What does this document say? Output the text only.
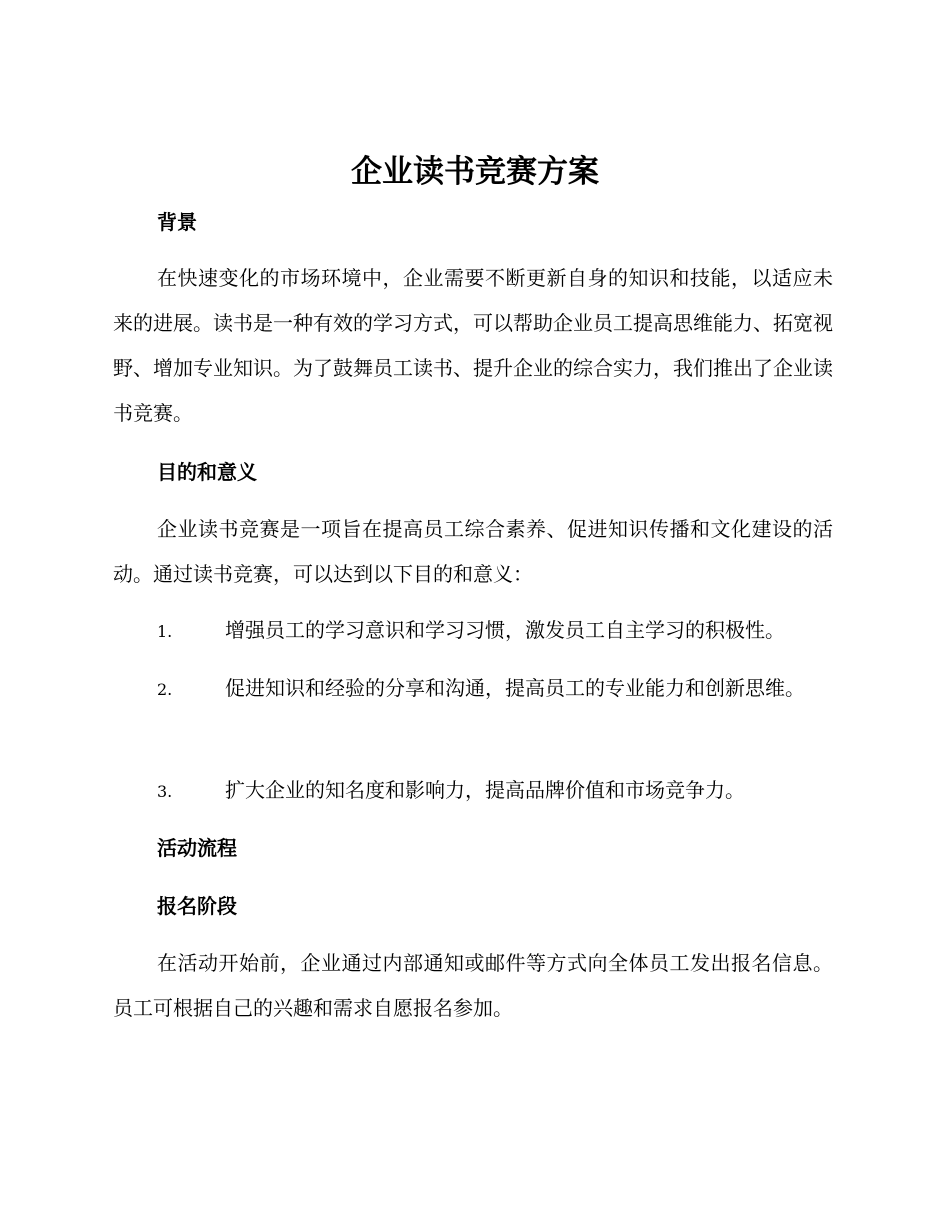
企业读书竞赛方案
背景

在快速变化的市场环境中，企业需要不断更新自身的知识和技能，以适应未来的进展。读书是一种有效的学习方式，可以帮助企业员工提高思维能力、拓宽视野、增加专业知识。为了鼓舞员工读书、提升企业的综合实力，我们推出了企业读书竞赛。

目的和意义

企业读书竞赛是一项旨在提高员工综合素养、促进知识传播和文化建设的活动。通过读书竞赛，可以达到以下目的和意义：

1.	增强员工的学习意识和学习习惯，激发员工自主学习的积极性。

2.	促进知识和经验的分享和沟通，提高员工的专业能力和创新思维。

3.	扩大企业的知名度和影响力，提高品牌价值和市场竞争力。

活动流程
报名阶段

在活动开始前，企业通过内部通知或邮件等方式向全体员工发出报名信息。员工可根据自己的兴趣和需求自愿报名参加。
